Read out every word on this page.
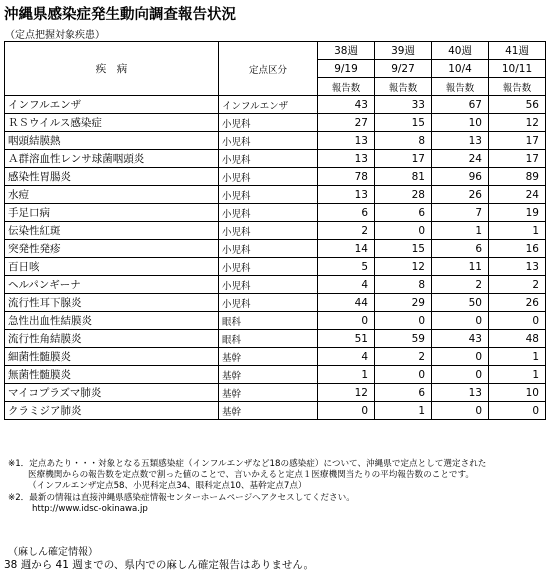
沖縄県感染症発生動向調査報告状況
（定点把握対象疾患）
疾　病	定点区分	38週	39週	40週	41週
		9/19	9/27	10/4	10/11
		報告数	報告数	報告数	報告数
インフルエンザ	インフルエンザ	43	33	67	56
ＲＳウイルス感染症	小児科	27	15	10	12
咽頭結膜熱	小児科	13	8	13	17
Ａ群溶血性レンサ球菌咽頭炎	小児科	13	17	24	17
感染性胃腸炎	小児科	78	81	96	89
水痘	小児科	13	28	26	24
手足口病	小児科	6	6	7	19
伝染性紅斑	小児科	2	0	1	1
突発性発疹	小児科	14	15	6	16
百日咳	小児科	5	12	11	13
ヘルパンギーナ	小児科	4	8	2	2
流行性耳下腺炎	小児科	44	29	50	26
急性出血性結膜炎	眼科	0	0	0	0
流行性角結膜炎	眼科	51	59	43	48
細菌性髄膜炎	基幹	4	2	0	1
無菌性髄膜炎	基幹	1	0	0	1
マイコプラズマ肺炎	基幹	12	6	13	10
クラミジア肺炎	基幹	0	1	0	0
※1．定点あたり・・・対象となる五類感染症（インフルエンザなど18の感染症）について、沖縄県で定点として選定された
医療機関からの報告数を定点数で割った値のことで、言いかえると定点１医療機関当たりの平均報告数のことです。
（インフルエンザ定点58、小児科定点34、眼科定点10、基幹定点7点）
※2．最新の情報は直接沖縄県感染症情報センターホームページへアクセスしてください。
http://www.idsc-okinawa.jp
（麻しん確定情報）
38 週から 41 週までの、県内での麻しん確定報告はありません。
